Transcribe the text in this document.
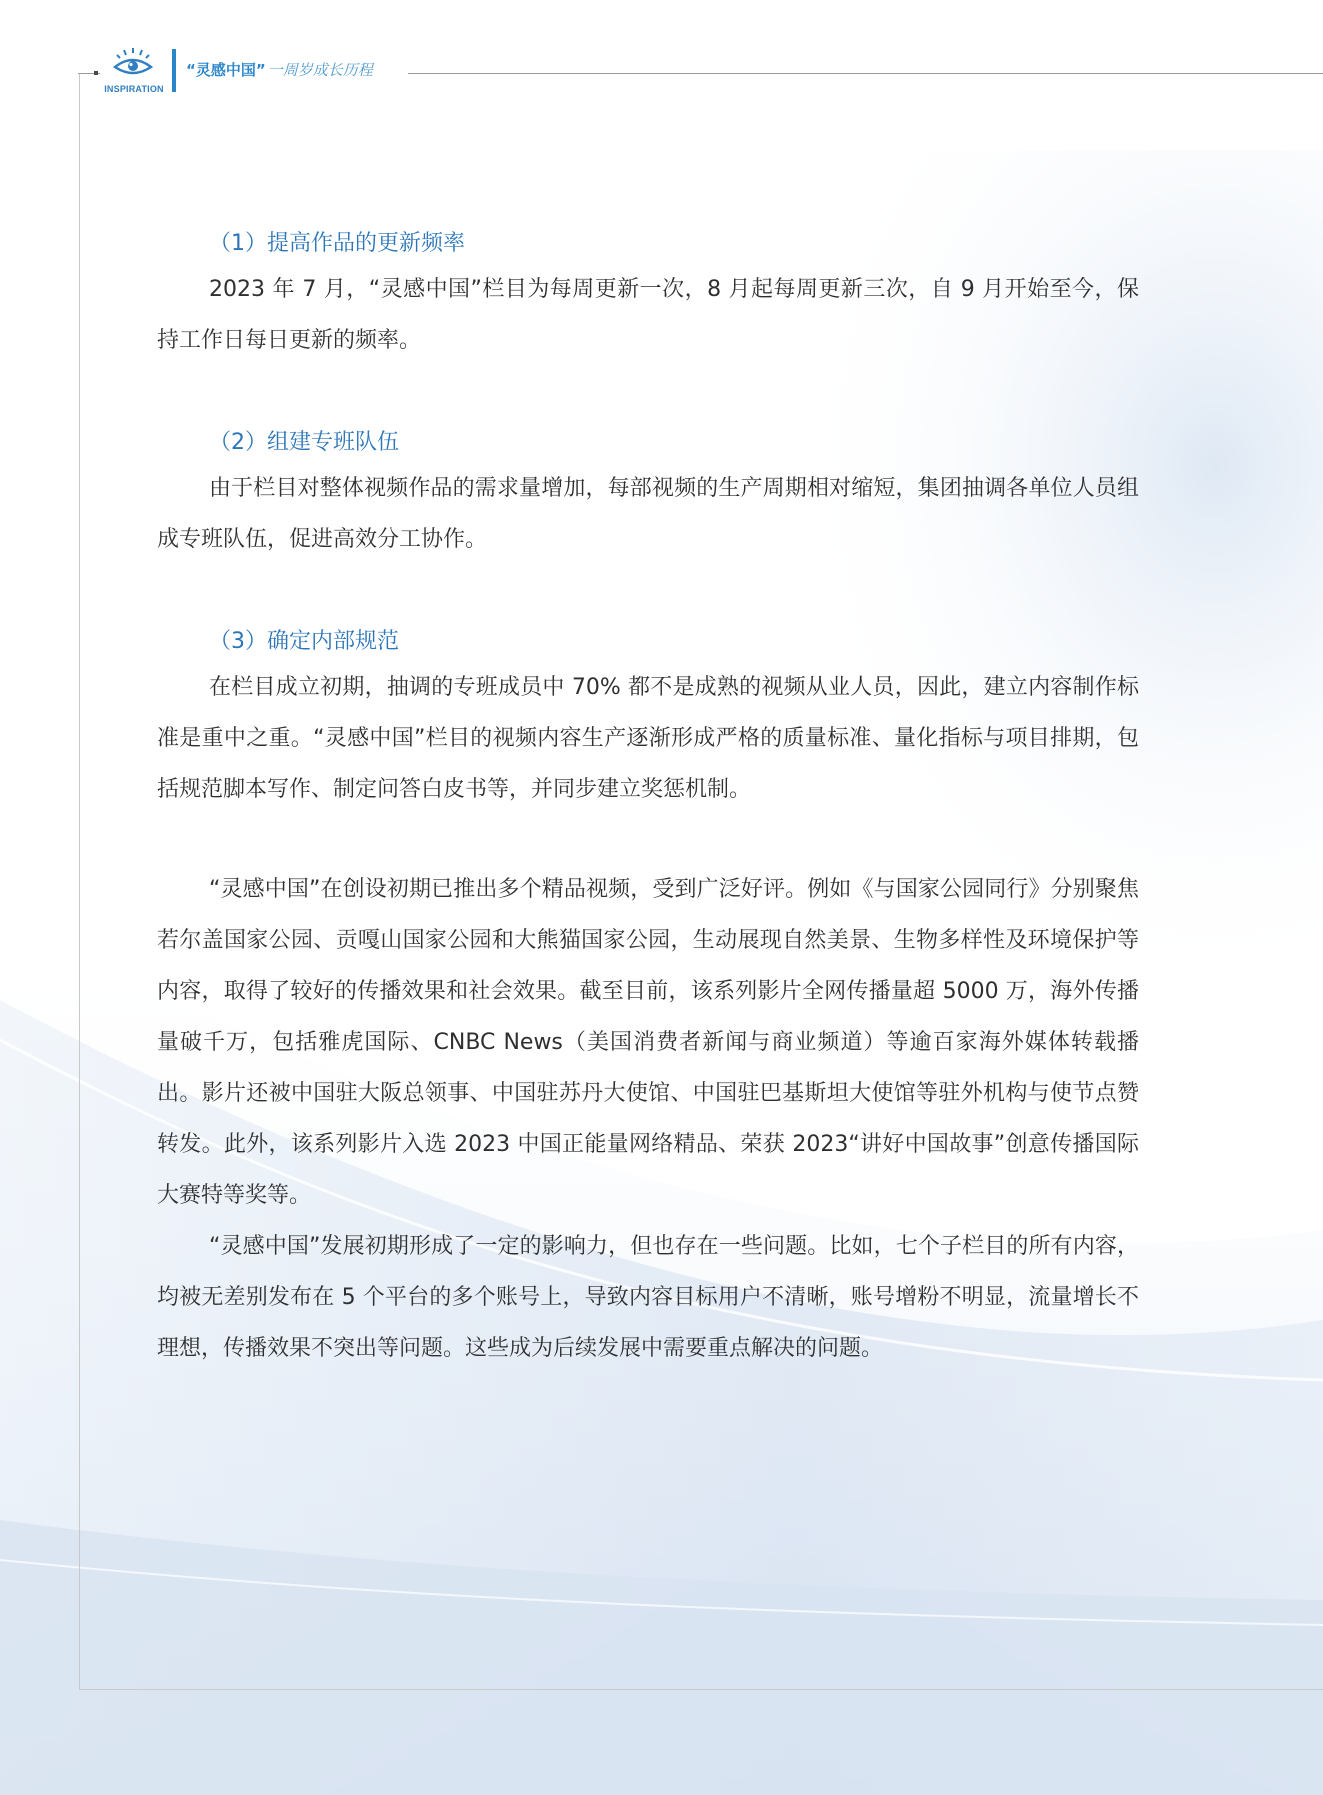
INSPIRATION
“灵感中国” 一周岁成长历程
（1）提高作品的更新频率

2023 年 7 月，“灵感中国”栏目为每周更新一次，8 月起每周更新三次，自 9 月开始至今，保持工作日每日更新的频率。

（2）组建专班队伍

由于栏目对整体视频作品的需求量增加，每部视频的生产周期相对缩短，集团抽调各单位人员组成专班队伍，促进高效分工协作。

（3）确定内部规范

在栏目成立初期，抽调的专班成员中 70% 都不是成熟的视频从业人员，因此，建立内容制作标准是重中之重。“灵感中国”栏目的视频内容生产逐渐形成严格的质量标准、量化指标与项目排期，包括规范脚本写作、制定问答白皮书等，并同步建立奖惩机制。

“灵感中国”在创设初期已推出多个精品视频，受到广泛好评。例如《与国家公园同行》分别聚焦若尔盖国家公园、贡嘎山国家公园和大熊猫国家公园，生动展现自然美景、生物多样性及环境保护等内容，取得了较好的传播效果和社会效果。截至目前，该系列影片全网传播量超 5000 万，海外传播量破千万，包括雅虎国际、CNBC News（美国消费者新闻与商业频道）等逾百家海外媒体转载播出。影片还被中国驻大阪总领事、中国驻苏丹大使馆、中国驻巴基斯坦大使馆等驻外机构与使节点赞转发。此外，该系列影片入选 2023 中国正能量网络精品、荣获 2023“讲好中国故事”创意传播国际大赛特等奖等。

“灵感中国”发展初期形成了一定的影响力，但也存在一些问题。比如，七个子栏目的所有内容，均被无差别发布在 5 个平台的多个账号上，导致内容目标用户不清晰，账号增粉不明显，流量增长不理想，传播效果不突出等问题。这些成为后续发展中需要重点解决的问题。
